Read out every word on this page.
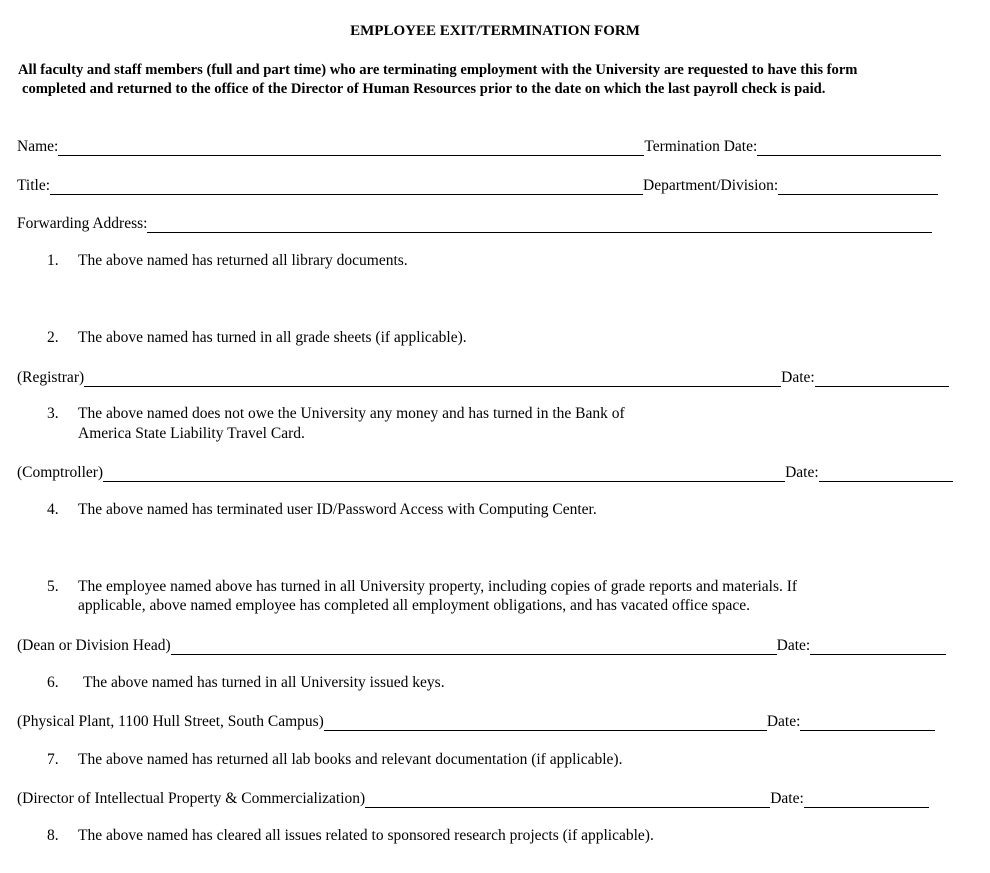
EMPLOYEE EXIT/TERMINATION FORM
All faculty and staff members (full and part time) who are terminating employment with the University are requested to have this form
completed and returned to the office of the Director of Human Resources prior to the date on which the last payroll check is paid.
Name:	Termination Date:
Title:	Department/Division:
Forwarding Address:
1. The above named has returned all library documents.
2. The above named has turned in all grade sheets (if applicable).
(Registrar)	Date:
3. The above named does not owe the University any money and has turned in the Bank of
America State Liability Travel Card.
(Comptroller)	Date:
4. The above named has terminated user ID/Password Access with Computing Center.
5. The employee named above has turned in all University property, including copies of grade reports and materials. If
applicable, above named employee has completed all employment obligations, and has vacated office space.
(Dean or Division Head)	Date:
6. The above named has turned in all University issued keys.
(Physical Plant, 1100 Hull Street, South Campus)	Date:
7. The above named has returned all lab books and relevant documentation (if applicable).
(Director of Intellectual Property & Commercialization)	Date:
8. The above named has cleared all issues related to sponsored research projects (if applicable).
